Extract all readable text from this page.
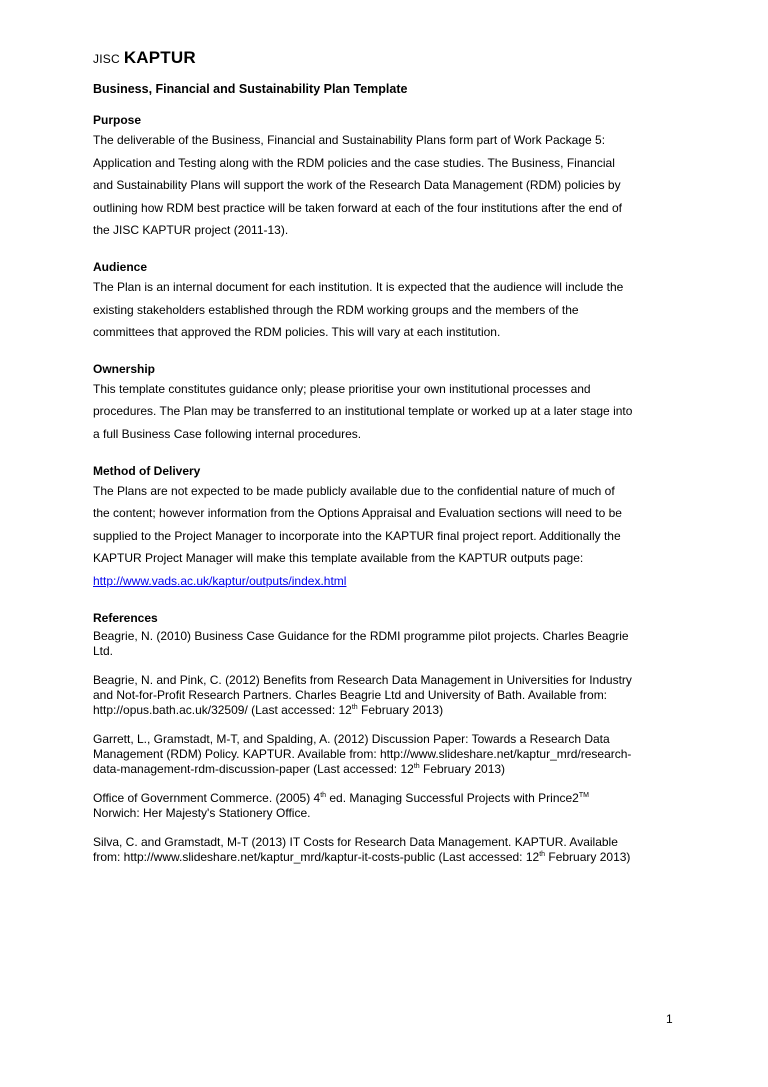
JISC KAPTUR
Business, Financial and Sustainability Plan Template
Purpose
The deliverable of the Business, Financial and Sustainability Plans form part of Work Package 5:
Application and Testing along with the RDM policies and the case studies. The Business, Financial
and Sustainability Plans will support the work of the Research Data Management (RDM) policies by
outlining how RDM best practice will be taken forward at each of the four institutions after the end of
the JISC KAPTUR project (2011-13).
Audience
The Plan is an internal document for each institution. It is expected that the audience will include the
existing stakeholders established through the RDM working groups and the members of the
committees that approved the RDM policies. This will vary at each institution.
Ownership
This template constitutes guidance only; please prioritise your own institutional processes and
procedures. The Plan may be transferred to an institutional template or worked up at a later stage into
a full Business Case following internal procedures.
Method of Delivery
The Plans are not expected to be made publicly available due to the confidential nature of much of
the content; however information from the Options Appraisal and Evaluation sections will need to be
supplied to the Project Manager to incorporate into the KAPTUR final project report. Additionally the
KAPTUR Project Manager will make this template available from the KAPTUR outputs page:
http://www.vads.ac.uk/kaptur/outputs/index.html
References
Beagrie, N. (2010) Business Case Guidance for the RDMI programme pilot projects. Charles Beagrie
Ltd.
Beagrie, N. and Pink, C. (2012) Benefits from Research Data Management in Universities for Industry
and Not-for-Profit Research Partners. Charles Beagrie Ltd and University of Bath. Available from:
http://opus.bath.ac.uk/32509/ (Last accessed: 12th February 2013)
Garrett, L., Gramstadt, M-T, and Spalding, A. (2012) Discussion Paper: Towards a Research Data
Management (RDM) Policy. KAPTUR. Available from: http://www.slideshare.net/kaptur_mrd/research-
data-management-rdm-discussion-paper (Last accessed: 12th February 2013)
Office of Government Commerce. (2005) 4th ed. Managing Successful Projects with Prince2™
Norwich: Her Majesty's Stationery Office.
Silva, C. and Gramstadt, M-T (2013) IT Costs for Research Data Management. KAPTUR. Available
from: http://www.slideshare.net/kaptur_mrd/kaptur-it-costs-public (Last accessed: 12th February 2013)
1
